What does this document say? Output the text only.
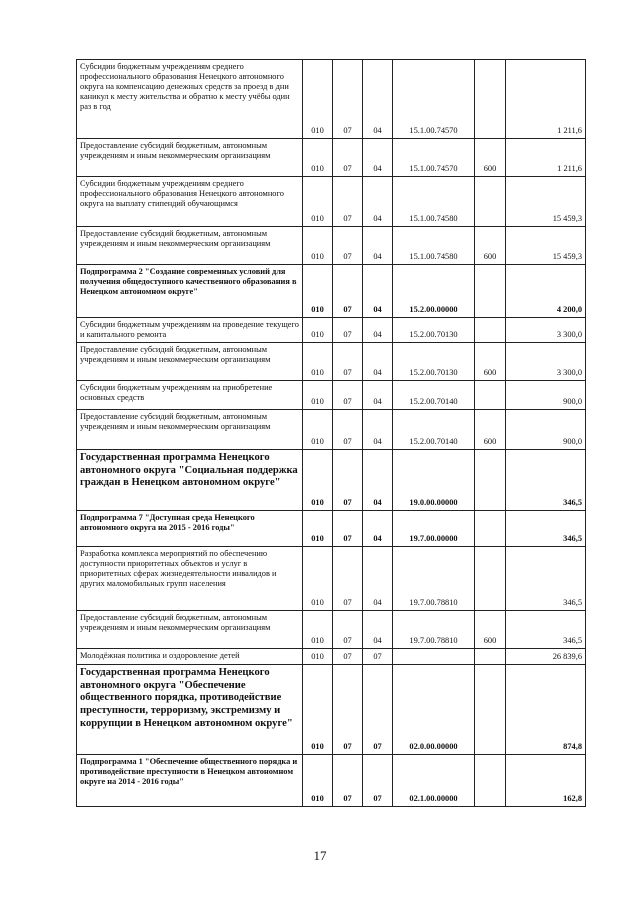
Субсидии бюджетным учреждениям среднего профессионального образования Ненецкого автономного округа на компенсацию денежных средств за проезд в дни каникул к месту жительства и обратно к месту учёбы один раз в год	010	07	04	15.1.00.74570		1 211,6
Предоставление субсидий бюджетным, автономным учреждениям и иным некоммерческим организациям	010	07	04	15.1.00.74570	600	1 211,6
Субсидии бюджетным учреждениям среднего профессионального образования Ненецкого автономного округа на выплату стипендий обучающимся	010	07	04	15.1.00.74580		15 459,3
Предоставление субсидий бюджетным, автономным учреждениям и иным некоммерческим организациям	010	07	04	15.1.00.74580	600	15 459,3
Подпрограмма 2 "Создание современных условий для получения общедоступного качественного образования в Ненецком автономном округе"	010	07	04	15.2.00.00000		4 200,0
Субсидии бюджетным учреждениям на проведение текущего и капитального ремонта	010	07	04	15.2.00.70130		3 300,0
Предоставление субсидий бюджетным, автономным учреждениям и иным некоммерческим организациям	010	07	04	15.2.00.70130	600	3 300,0
Субсидии бюджетным учреждениям на приобретение основных средств	010	07	04	15.2.00.70140		900,0
Предоставление субсидий бюджетным, автономным учреждениям и иным некоммерческим организациям	010	07	04	15.2.00.70140	600	900,0
Государственная программа Ненецкого автономного округа "Социальная поддержка граждан в Ненецком автономном округе"	010	07	04	19.0.00.00000		346,5
Подпрограмма 7 "Доступная среда Ненецкого автономного округа на 2015 - 2016 годы"	010	07	04	19.7.00.00000		346,5
Разработка комплекса мероприятий по обеспечению доступности приоритетных объектов и услуг в приоритетных сферах жизнедеятельности инвалидов и других маломобильных групп населения	010	07	04	19.7.00.78810		346,5
Предоставление субсидий бюджетным, автономным учреждениям и иным некоммерческим организациям	010	07	04	19.7.00.78810	600	346,5
Молодёжная политика и оздоровление детей	010	07	07			26 839,6
Государственная программа Ненецкого автономного округа "Обеспечение общественного порядка, противодействие преступности, терроризму, экстремизму и коррупции в Ненецком автономном округе"	010	07	07	02.0.00.00000		874,8
Подпрограмма 1 "Обеспечение общественного порядка и противодействие преступности в Ненецком автономном округе на 2014 - 2016 годы"	010	07	07	02.1.00.00000		162,8
17
